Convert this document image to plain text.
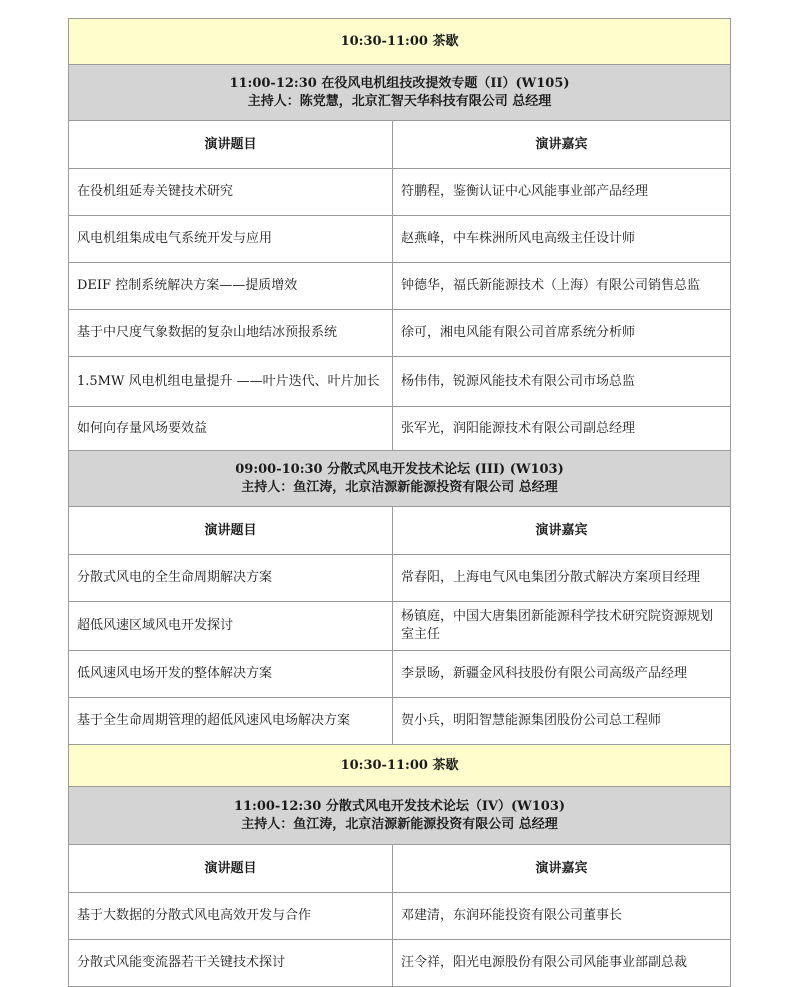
10:30-11:00 茶歇	

11:00-12:30 在役风电机组技改提效专题（II）(W105)
主持人：陈党慧，北京汇智天华科技有限公司 总经理	

演讲题目	演讲嘉宾
在役机组延寿关键技术研究	符鹏程，鉴衡认证中心风能事业部产品经理
风电机组集成电气系统开发与应用	赵燕峰，中车株洲所风电高级主任设计师
DEIF 控制系统解决方案——提质增效	钟德华，福氏新能源技术（上海）有限公司销售总监
基于中尺度气象数据的复杂山地结冰预报系统	徐可，湘电风能有限公司首席系统分析师
1.5MW 风电机组电量提升 ——叶片迭代、叶片加长	杨伟伟，锐源风能技术有限公司市场总监
如何向存量风场要效益	张军光，润阳能源技术有限公司副总经理

09:00-10:30 分散式风电开发技术论坛 (III) (W103)
主持人：鱼江涛，北京洁源新能源投资有限公司 总经理	

演讲题目	演讲嘉宾
分散式风电的全生命周期解决方案	常春阳，上海电气风电集团分散式解决方案项目经理
超低风速区域风电开发探讨	杨镇庭，中国大唐集团新能源科学技术研究院资源规划室主任
低风速风电场开发的整体解决方案	李景旸，新疆金风科技股份有限公司高级产品经理
基于全生命周期管理的超低风速风电场解决方案	贺小兵，明阳智慧能源集团股份公司总工程师
10:30-11:00 茶歇	

11:00-12:30 分散式风电开发技术论坛（IV）(W103)
主持人：鱼江涛，北京洁源新能源投资有限公司 总经理	

演讲题目	演讲嘉宾
基于大数据的分散式风电高效开发与合作	邓建清，东润环能投资有限公司董事长
分散式风能变流器若干关键技术探讨	汪令祥，阳光电源股份有限公司风能事业部副总裁
